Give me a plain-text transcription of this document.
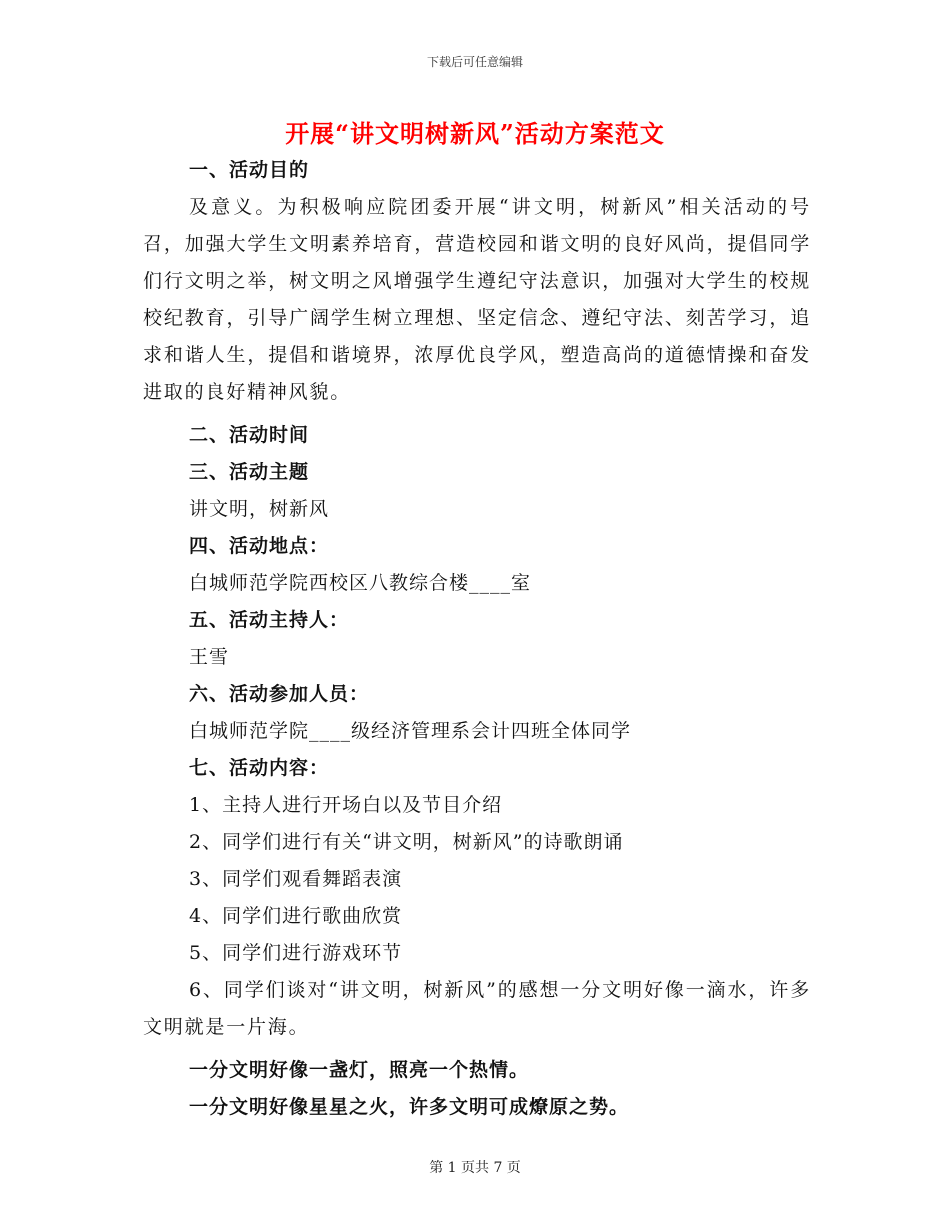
下载后可任意编辑
开展“讲文明树新风”活动方案范文
一、活动目的

及意义。为积极响应院团委开展“讲文明，树新风”相关活动的号召，加强大学生文明素养培育，营造校园和谐文明的良好风尚，提倡同学们行文明之举，树文明之风增强学生遵纪守法意识，加强对大学生的校规校纪教育，引导广阔学生树立理想、坚定信念、遵纪守法、刻苦学习，追求和谐人生，提倡和谐境界，浓厚优良学风，塑造高尚的道德情操和奋发进取的良好精神风貌。

二、活动时间
三、活动主题
讲文明，树新风
四、活动地点：
白城师范学院西校区八教综合楼____室
五、活动主持人：
王雪
六、活动参加人员：
白城师范学院____级经济管理系会计四班全体同学
七、活动内容：
1、主持人进行开场白以及节目介绍
2、同学们进行有关“讲文明，树新风”的诗歌朗诵
3、同学们观看舞蹈表演
4、同学们进行歌曲欣赏
5、同学们进行游戏环节

6、同学们谈对“讲文明，树新风”的感想一分文明好像一滴水，许多文明就是一片海。

一分文明好像一盏灯，照亮一个热情。
一分文明好像星星之火，许多文明可成燎原之势。
第 1 页共 7 页
